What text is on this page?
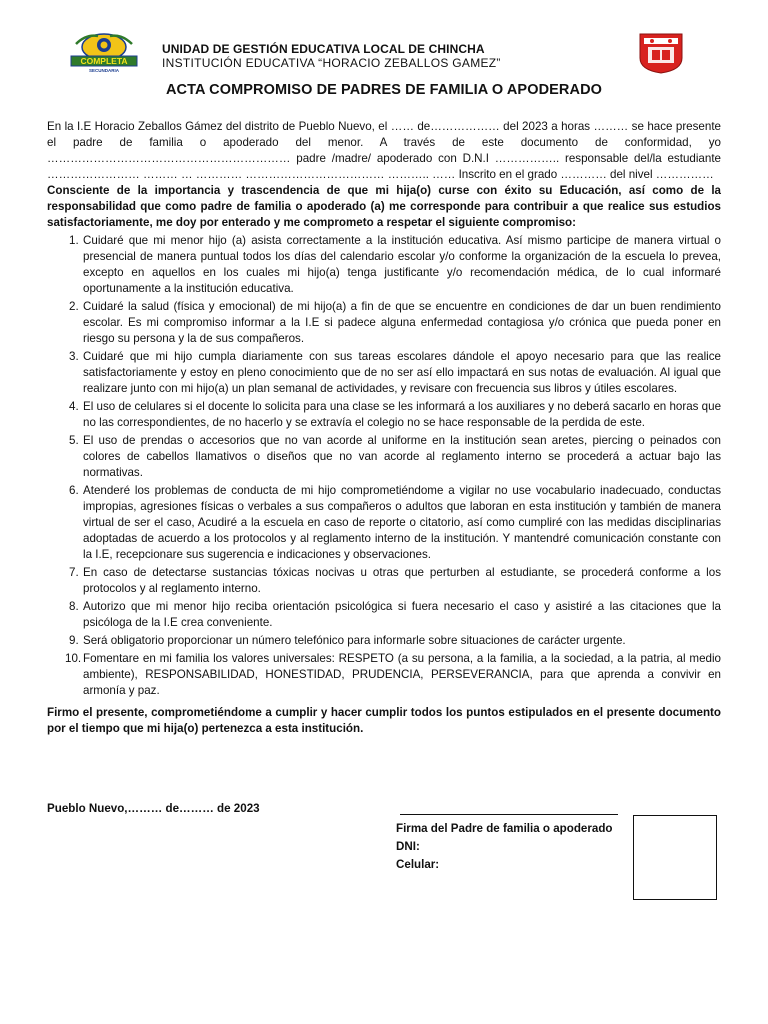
COMPLETA
SECUNDARIA
UNIDAD DE GESTIÓN EDUCATIVA LOCAL DE CHINCHA
INSTITUCIÓN EDUCATIVA “HORACIO ZEBALLOS GAMEZ”
ACTA COMPROMISO DE PADRES DE FAMILIA O APODERADO

En la I.E Horacio Zeballos Gámez del distrito de Pueblo Nuevo, el …… de……………… del 2023 a horas ……… se hace presente el padre de familia o apoderado del menor. A través de este documento de conformidad, yo ……………………………………………………… padre /madre/ apoderado con D.N.I …………….. responsable del/la estudiante …………………… ……… … ………… ……………………………… ……….. …… Inscrito en el grado ………… del nivel ……………

Consciente de la importancia y trascendencia de que mi hija(o) curse con éxito su Educación, así como de la responsabilidad que como padre de familia o apoderado (a) me corresponde para contribuir a que realice sus estudios satisfactoriamente, me doy por enterado y me comprometo a respetar el siguiente compromiso:

1. Cuidaré que mi menor hijo (a) asista correctamente a la institución educativa. Así mismo participe de manera virtual o presencial de manera puntual todos los días del calendario escolar y/o conforme la organización de la escuela lo prevea, excepto en aquellos en los cuales mi hijo(a) tenga justificante y/o recomendación médica, de lo cual informaré oportunamente a la institución educativa.
2. Cuidaré la salud (física y emocional) de mi hijo(a) a fin de que se encuentre en condiciones de dar un buen rendimiento escolar. Es mi compromiso informar a la I.E si padece alguna enfermedad contagiosa y/o crónica que pueda poner en riesgo su persona y la de sus compañeros.
3. Cuidaré que mi hijo cumpla diariamente con sus tareas escolares dándole el apoyo necesario para que las realice satisfactoriamente y estoy en pleno conocimiento que de no ser así ello impactará en sus notas de evaluación. Al igual que realizare junto con mi hijo(a) un plan semanal de actividades, y revisare con frecuencia sus libros y útiles escolares.
4. El uso de celulares si el docente lo solicita para una clase se les informará a los auxiliares y no deberá sacarlo en horas que no las correspondientes, de no hacerlo y se extravía el colegio no se hace responsable de la perdida de este.
5. El uso de prendas o accesorios que no van acorde al uniforme en la institución sean aretes, piercing o peinados con colores de cabellos llamativos o diseños que no van acorde al reglamento interno se procederá a actuar bajo las normativas.
6. Atenderé los problemas de conducta de mi hijo comprometiéndome a vigilar no use vocabulario inadecuado, conductas impropias, agresiones físicas o verbales a sus compañeros o adultos que laboran en esta institución y también de manera virtual de ser el caso, Acudiré a la escuela en caso de reporte o citatorio, así como cumpliré con las medidas disciplinarias adoptadas de acuerdo a los protocolos y al reglamento interno de la institución. Y mantendré comunicación constante con la I.E, recepcionare sus sugerencia e indicaciones y observaciones.
7. En caso de detectarse sustancias tóxicas nocivas u otras que perturben al estudiante, se procederá conforme a los protocolos y al reglamento interno.
8. Autorizo que mi menor hijo reciba orientación psicológica si fuera necesario el caso y asistiré a las citaciones que la psicóloga de la I.E crea conveniente.
9. Será obligatorio proporcionar un número telefónico para informarle sobre situaciones de carácter urgente.
10. Fomentare en mi familia los valores universales: RESPETO (a su persona, a la familia, a la sociedad, a la patria, al medio ambiente), RESPONSABILIDAD, HONESTIDAD, PRUDENCIA, PERSEVERANCIA, para que aprenda a convivir en armonía y paz.

Firmo el presente, comprometiéndome a cumplir y hacer cumplir todos los puntos estipulados en el presente documento por el tiempo que mi hija(o) pertenezca a esta institución.

Pueblo Nuevo,……… de……… de 2023
Firma del Padre de familia o apoderado
DNI:
Celular:
